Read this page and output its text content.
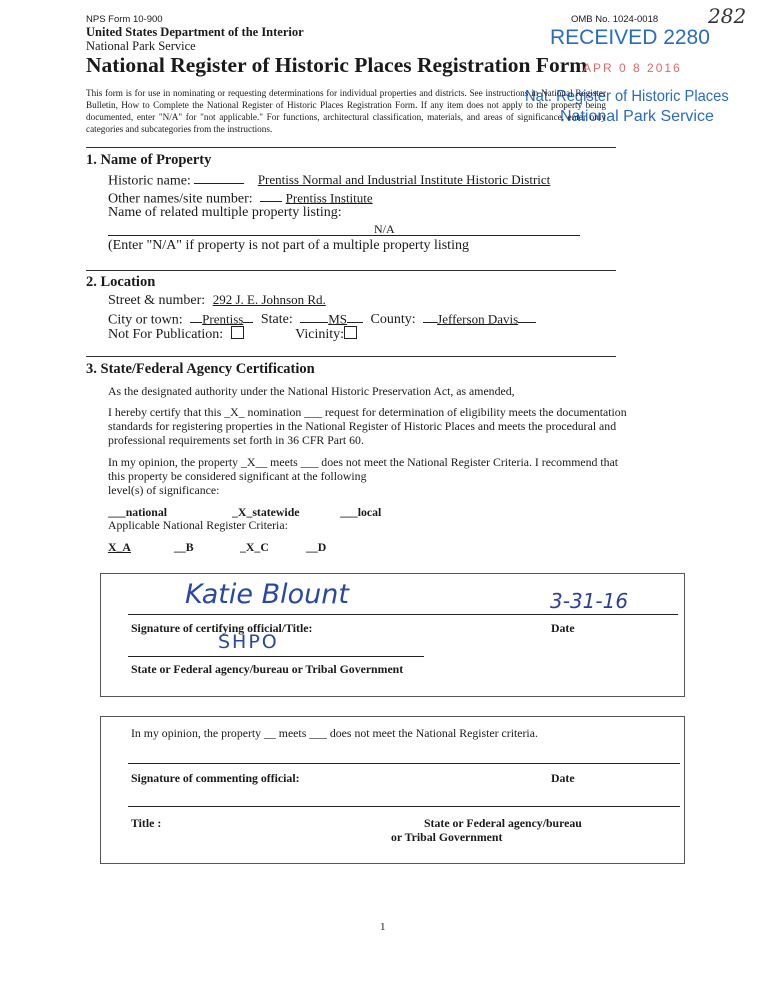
NPS Form 10-900	OMB No. 1024-0018
United States Department of the Interior
National Park Service
National Register of Historic Places Registration Form
RECEIVED 2280
APR 0 8 2016
Nat. Register of Historic Places
National Park Service
282
This form is for use in nominating or requesting determinations for individual properties and districts. See instructions in National Register Bulletin, How to Complete the National Register of Historic Places Registration Form. If any item does not apply to the property being documented, enter "N/A" for "not applicable." For functions, architectural classification, materials, and areas of significance, enter only categories and subcategories from the instructions.
1. Name of Property
Historic name:	Prentiss Normal and Industrial Institute Historic District
Other names/site number:	Prentiss Institute
Name of related multiple property listing:
N/A
(Enter "N/A" if property is not part of a multiple property listing
2. Location
Street & number: 292 J. E. Johnson Rd.
City or town: Prentiss State:	MS County: Jefferson Davis
Not For Publication:	Vicinity:
3. State/Federal Agency Certification
As the designated authority under the National Historic Preservation Act, as amended,
I hereby certify that this _X_ nomination ___ request for determination of eligibility meets the documentation
standards for registering properties in the National Register of Historic Places and meets the procedural and
professional requirements set forth in 36 CFR Part 60.
In my opinion, the property _X__ meets ___ does not meet the National Register Criteria. I recommend that
this property be considered significant at the following
level(s) of significance:
___national	_X_statewide	___local
Applicable National Register Criteria:
X_A	__B	_X_C	__D
Katie Blount	3-31-16
Signature of certifying official/Title:	Date
SHPO
State or Federal agency/bureau or Tribal Government
In my opinion, the property __ meets ___ does not meet the National Register criteria.
Signature of commenting official:	Date
Title :	State or Federal agency/bureau
or Tribal Government
1
